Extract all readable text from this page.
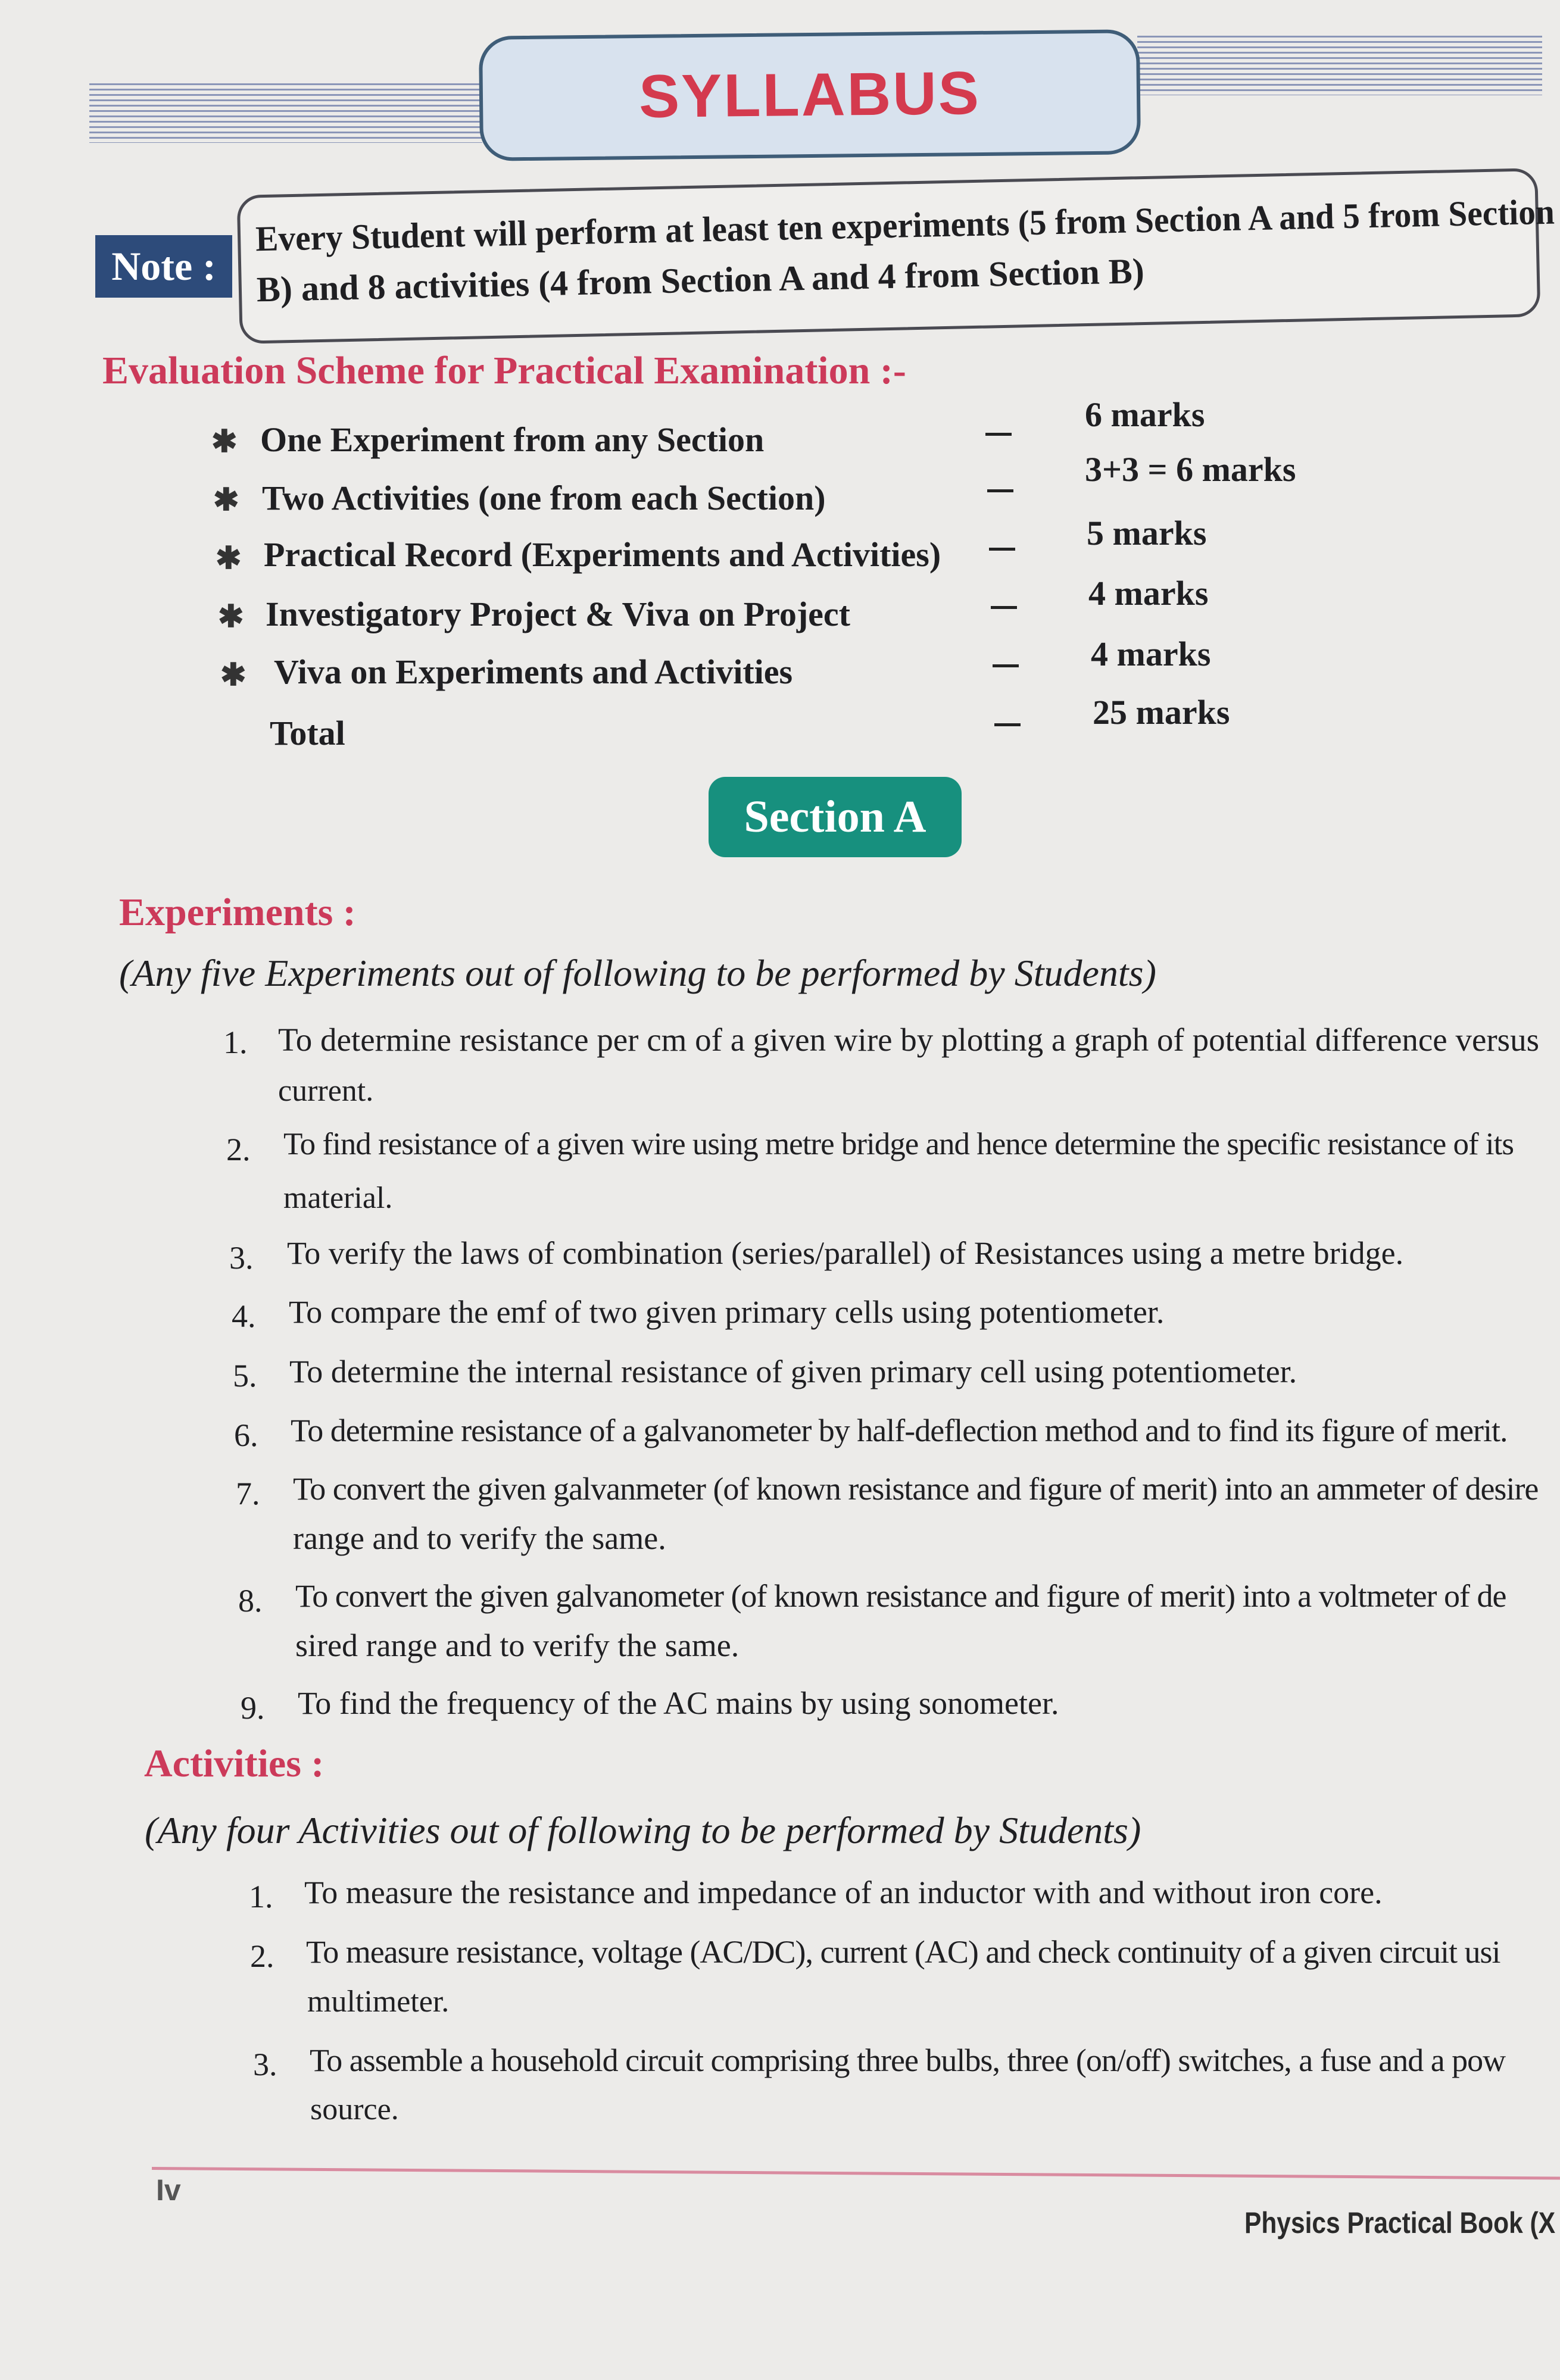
SYLLABUS
Note :
Every Student will perform at least ten experiments (5 from Section A and 5 from Section
B) and 8 activities (4 from Section A and 4 from Section B)
Evaluation Scheme for Practical Examination :-
✱ One Experiment from any Section
6 marks
✱ Two Activities (one from each Section)
3+3 = 6 marks
✱ Practical Record (Experiments and Activities)
5 marks
✱ Investigatory Project & Viva on Project
4 marks
✱ Viva on Experiments and Activities	4 marks
Total
25 marks
Section A
Experiments :
(Any five Experiments out of following to be performed by Students)
1. To determine resistance per cm of a given wire by plotting a graph of potential difference versus
current.
2. To find resistance of a given wire using metre bridge and hence determine the specific resistance of its
material.
3. To verify the laws of combination (series/parallel) of Resistances using a metre bridge.
4. To compare the emf of two given primary cells using potentiometer.
5. To determine the internal resistance of given primary cell using potentiometer.
6. To determine resistance of a galvanometer by half-deflection method and to find its figure of merit.
7. To convert the given galvanmeter (of known resistance and figure of merit) into an ammeter of desire
range and to verify the same.
8. To convert the given galvanometer (of known resistance and figure of merit) into a voltmeter of de
sired range and to verify the same.
9. To find the frequency of the AC mains by using sonometer.
Activities :
(Any four Activities out of following to be performed by Students)
1. To measure the resistance and impedance of an inductor with and without iron core.
2. To measure resistance, voltage (AC/DC), current (AC) and check continuity of a given circuit usi
multimeter.
3. To assemble a household circuit comprising three bulbs, three (on/off) switches, a fuse and a pow
source.
Iv
Physics Practical Book (X
